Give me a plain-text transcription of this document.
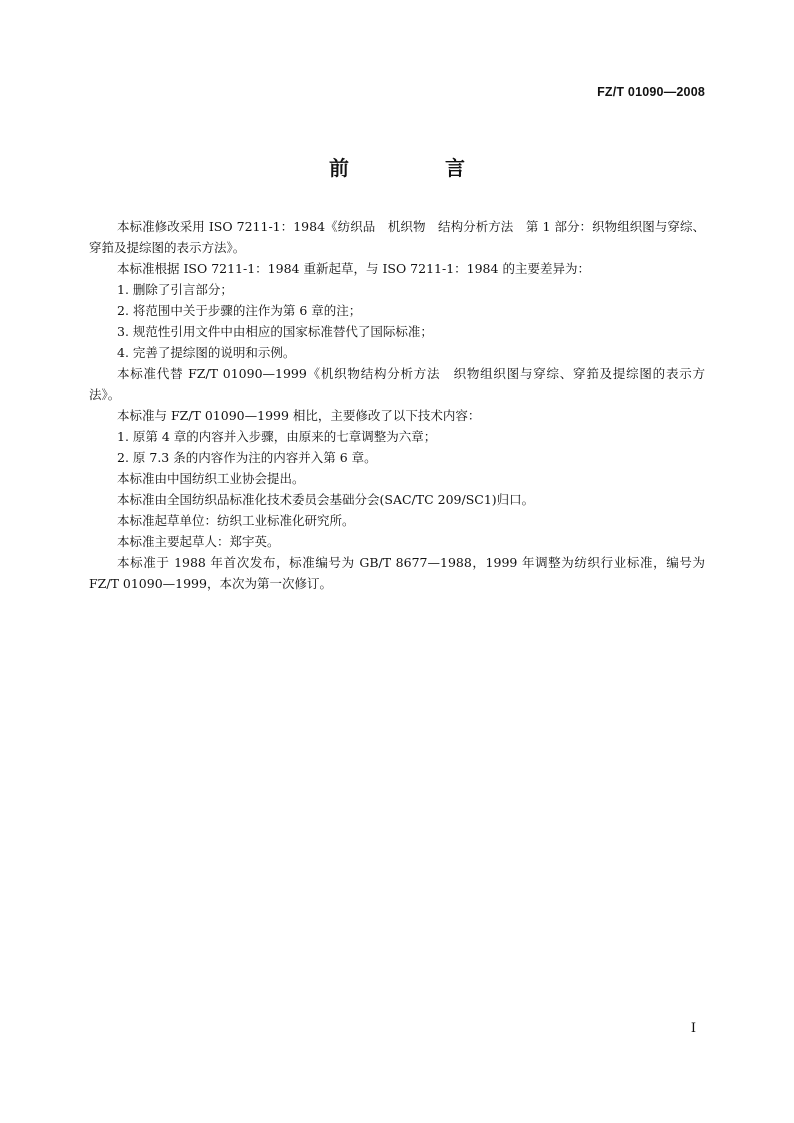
FZ/T 01090—2008
前　言

本标准修改采用 ISO 7211-1：1984《纺织品　机织物　结构分析方法　第 1 部分：织物组织图与穿综、穿筘及提综图的表示方法》。

本标准根据 ISO 7211-1：1984 重新起草，与 ISO 7211-1：1984 的主要差异为：

1. 删除了引言部分；

2. 将范围中关于步骤的注作为第 6 章的注；

3. 规范性引用文件中由相应的国家标准替代了国际标准；

4. 完善了提综图的说明和示例。

本标准代替 FZ/T 01090—1999《机织物结构分析方法　织物组织图与穿综、穿筘及提综图的表示方法》。

本标准与 FZ/T 01090—1999 相比，主要修改了以下技术内容：

1. 原第 4 章的内容并入步骤，由原来的七章调整为六章；

2. 原 7.3 条的内容作为注的内容并入第 6 章。

本标准由中国纺织工业协会提出。

本标准由全国纺织品标准化技术委员会基础分会(SAC/TC 209/SC1)归口。

本标准起草单位：纺织工业标准化研究所。

本标准主要起草人：郑宇英。

本标准于 1988 年首次发布，标准编号为 GB/T 8677—1988，1999 年调整为纺织行业标准，编号为 FZ/T 01090—1999，本次为第一次修订。

I
